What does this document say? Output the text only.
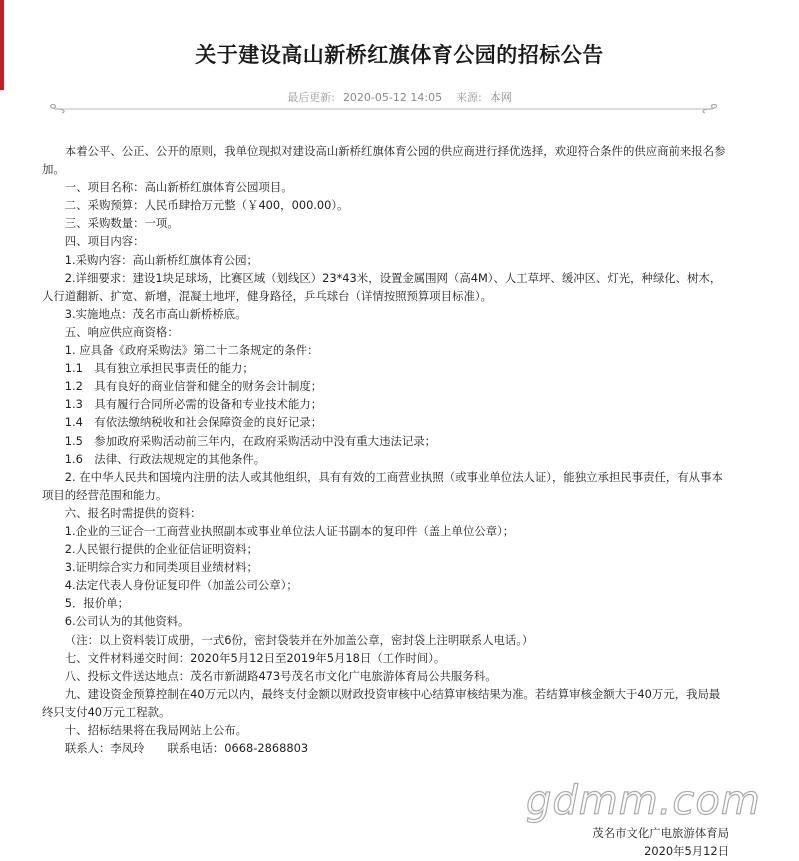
关于建设高山新桥红旗体育公园的招标公告
最后更新: 2020-05-12 14:05 来源: 本网

本着公平、公正、公开的原则，我单位现拟对建设高山新桥红旗体育公园的供应商进行择优选择，欢迎符合条件的供应商前来报名参加。

一、项目名称：高山新桥红旗体育公园项目。

二、采购预算：人民币肆拾万元整（￥400，000.00）。

三、采购数量：一项。

四、项目内容：

1.采购内容：高山新桥红旗体育公园；

2.详细要求：建设1块足球场，比赛区域（划线区）23*43米，设置金属围网（高4M）、人工草坪、缓冲区、灯光，种绿化、树木，人行道翻新、扩宽、新增，混凝土地坪，健身路径，乒乓球台（详情按照预算项目标准）。

3.实施地点：茂名市高山新桥桥底。

五、响应供应商资格：

1. 应具备《政府采购法》第二十二条规定的条件：

1.1　具有独立承担民事责任的能力；

1.2　具有良好的商业信誉和健全的财务会计制度；

1.3　具有履行合同所必需的设备和专业技术能力；

1.4　有依法缴纳税收和社会保障资金的良好记录；

1.5　参加政府采购活动前三年内，在政府采购活动中没有重大违法记录；

1.6　法律、行政法规规定的其他条件。

2. 在中华人民共和国境内注册的法人或其他组织，具有有效的工商营业执照（或事业单位法人证），能独立承担民事责任，有从事本项目的经营范围和能力。

六、报名时需提供的资料：

1.企业的三证合一工商营业执照副本或事业单位法人证书副本的复印件（盖上单位公章）；

2.人民银行提供的企业征信证明资料；

3.证明综合实力和同类项目业绩材料；

4.法定代表人身份证复印件（加盖公司公章）；

5．报价单；

6.公司认为的其他资料。

（注：以上资料装订成册，一式6份，密封袋装并在外加盖公章，密封袋上注明联系人电话。）

七、文件材料递交时间：2020年5月12日至2019年5月18日（工作时间）。

八、投标文件送达地点：茂名市新湖路473号茂名市文化广电旅游体育局公共服务科。

九、建设资金预算控制在40万元以内，最终支付金额以财政投资审核中心结算审核结果为准。若结算审核金额大于40万元，我局最终只支付40万元工程款。

十、招标结果将在我局网站上公布。

联系人：李凤玲　　联系电话：0668-2868803

gdmm.com
茂名市文化广电旅游体育局
2020年5月12日
